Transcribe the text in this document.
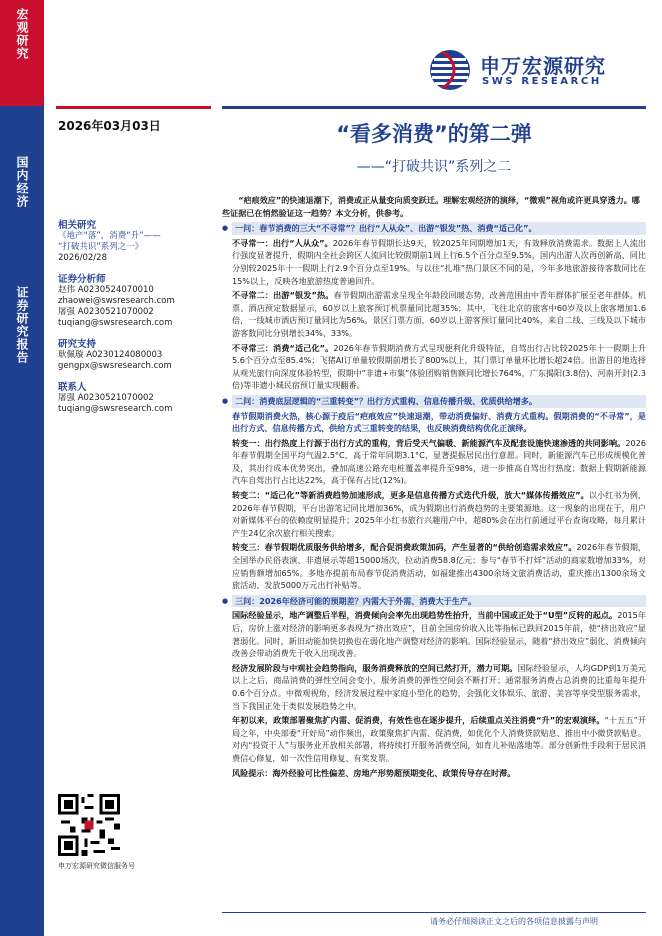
宏观研究
国内经济
证券研究报告
申万宏源研究
SWS RESEARCH
2026年03月03日	“看多消费”的第二弹
——“打破共识”系列之二
相关研究
《地产“落”，消费“升”——
“打破共识”系列之一》
2026/02/28
证券分析师
赵伟 A0230524070010
zhaowei@swsresearch.com
屠强 A0230521070002
tuqiang@swsresearch.com
研究支持
耿佩璇 A0230124080003
gengpx@swsresearch.com
联系人
屠强 A0230521070002
tuqiang@swsresearch.com
申万宏源研究微信服务号
“疤痕效应”的快速退潮下，消费或正从量变向质变跃迁。理解宏观经济的演绎，“微观”视角或许更具穿透力。哪些证据已在悄然验证这一趋势？本文分析，供参考。
● 一问：春节消费的三大“不寻常”？出行“人从众”、出游“银发”热、消费“适己化”。
不寻常一：出行“人从众”。2026年春节假期长达9天，较2025年同期增加1天，有效释放消费需求。数据上人流出行强度显著提升，假期内全社会跨区人流同比较假期前1周上行6.5个百分点至9.5%，国内出游人次再创新高、同比分别较2025年十一假期上行2.9个百分点至19%。与以往“扎堆”热门景区不同的是，今年多地旅游接待客数同比在15%以上，反映各地旅游热度普遍回升。
不寻常二：出游“银发”热。春节假期出游需求呈现全年龄段回暖态势，改善范围由中青年群体扩展至老年群体。机票、酒店预定数据显示，60岁以上旅客预订机票量同比超35%；其中，飞往北京的旅客中60岁及以上旅客增加1.6倍，一线城市酒店预订量同比为56%。景区门票方面，60岁以上游客预订量同比40%，来自二线、三线及以下城市游客数同比分别增长34%、33%。
不寻常三：消费“适己化”。2026年春节假期消费方式呈现便利化升级特征，自驾出行占比较2025年十一假期上升5.6个百分点至85.4%；飞猪AI订单量较假期前增长了800%以上，其门票订单量环比增长超24倍。出游目的地选择从观光旅行向深度体验转型，假期中“非遗+市集”体验团购销售额同比增长764%，广东揭阳(3.8倍)、河南开封(2.3倍)等非遗小城民宿预订量实现翻番。
● 二问：消费底层逻辑的“三重转变”？出行方式重构、信息传播升级、优质供给增多。
春节假期消费火热，核心源于疫后“疤痕效应”快速退潮，带动消费偏好、消费方式重构。假期消费的“不寻常”，是出行方式、信息传播方式、供给方式三重转变的结果，也反映消费结构优化正演绎。
转变一：出行热度上行源于出行方式的重构，背后受天气偏暖、新能源汽车及配套设施快速渗透的共同影响。2026年春节假期全国平均气温2.5°C，高于常年同期3.1°C，显著提振居民出行意愿。同时，新能源汽车已形成规模化普及，其出行成本优势突出，叠加高速公路充电桩覆盖率提升至98%，进一步推高自驾出行热度；数据上假期新能源汽车自驾出行占比达22%，高于保有占比(12%)。
转变二：“适己化”等新消费趋势加速形成，更多是信息传播方式迭代升级，放大“媒体传播效应”。以小红书为例，2026年春节假期，平台出游笔记同比增加36%，成为假期出行消费趋势的主要策源地。这一现象的出现在于，用户对新媒体平台的依赖度明显提升；2025年小红书旅行兴趣用户中，超80%会在出行前通过平台查询攻略，每月累计产生24亿余次旅行相关搜索。
转变三：春节假期优质服务供给增多，配合促消费政策加码，产生显著的“供给创造需求效应”。2026年春节假期，全国举办民俗表演、非遗展示等超15000场次，拉动消费58.8亿元；参与“春节不打烊”活动的商家数增加33%，对应销售额增加65%。多地亦提前布局春节促消费活动，如福建推出4300余场文旅消费活动，重庆推出1300余场文旅活动、发放5000万元出行补贴等。
● 三问：2026年经济可能的预期差？内需大于外需、消费大于生产。
国际经验显示，地产调整后半程，消费倾向会率先出现趋势性抬升，当前中国或正处于“U型”反转的起点。2015年后，房价上涨对经济的影响更多表现为“挤出效应”，目前全国房价收入比等指标已跌回2015年前，使“挤出效应”显著弱化。同时，新旧动能加快切换也在弱化地产调整对经济的影响。国际经验显示，随着“挤出效应”弱化、消费倾向改善会带动消费先于收入出现改善。
经济发展阶段与中观社会趋势指向，服务消费释放的空间已然打开，潜力可期。国际经验显示，人均GDP到1万美元以上之后，商品消费的弹性空间会变小，服务消费的弹性空间会不断打开；通常服务消费占总消费的比重每年提升0.6个百分点。中微观视角，经济发展过程中家庭小型化的趋势，会强化文体娱乐、旅游、美容等享受型服务需求，当下我国正处于类似发展趋势之中。
年初以来，政策部署聚焦扩内需、促消费，有效性也在逐步提升，后续重点关注消费“升”的宏观演绎。“十五五”开局之年，中央部委“开好局”动作频出，政策聚焦扩内需、促消费，如优化个人消费贷款贴息、推出中小微贷款贴息。对内“投资于人”与服务业开放相关部署，将持续打开服务消费空间，如育儿补贴落地等。部分创新性手段利于居民消费信心修复，如一次性信用修复、有奖发票。
风险提示：海外经验可比性偏差、房地产形势超预期变化、政策传导存在时滞。
请务必仔细阅读正文之后的各项信息披露与声明
